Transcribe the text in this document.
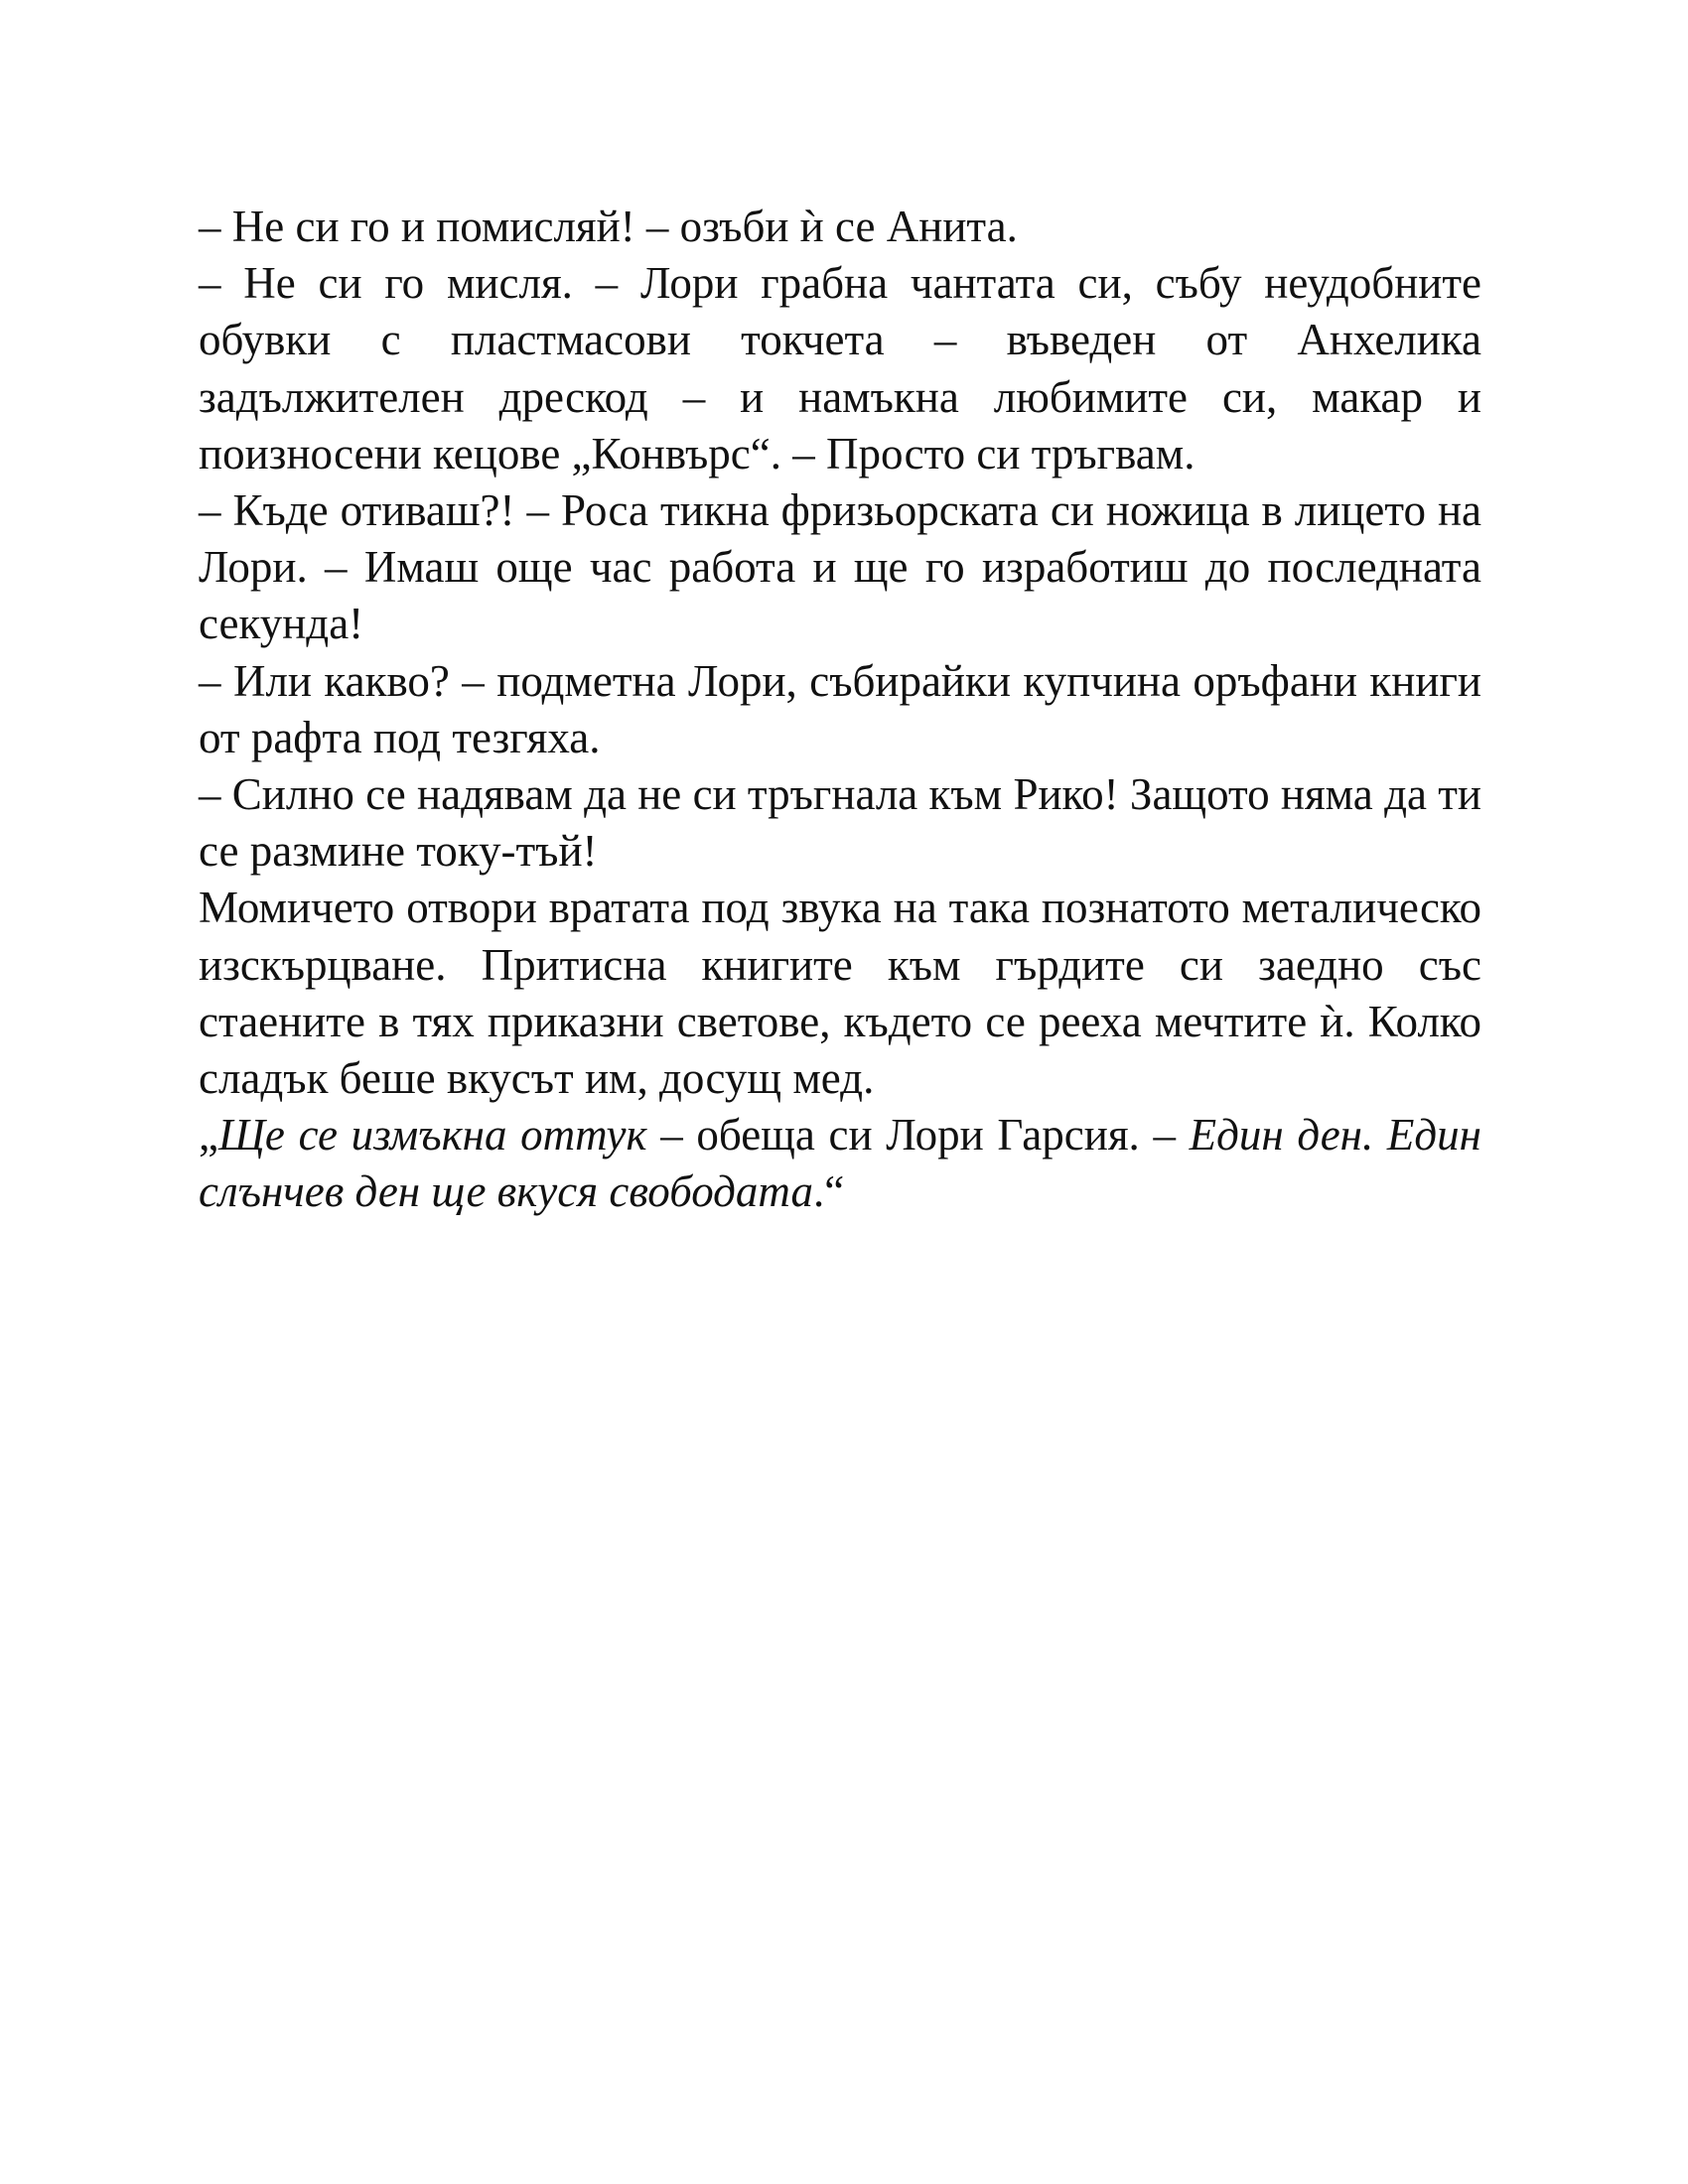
– Не си го и помисляй! – озъби ѝ се Анита.

– Не си го мисля. – Лори грабна чантата си, събу неудобните обувки с пластмасови токчета – въведен от Анхелика задължителен дрескод – и намъкна любимите си, макар и поизносени кецове „Конвърс“. – Просто си тръгвам.

– Къде отиваш?! – Роса тикна фризьорската си ножица в лицето на Лори. – Имаш още час работа и ще го изработиш до последната секунда!

– Или какво? – подметна Лори, събирайки купчина оръфани книги от рафта под тезгяха.

– Силно се надявам да не си тръгнала към Рико! Защото няма да ти се размине току-тъй!

Момичето отвори вратата под звука на така познатото металическо изскърцване. Притисна книгите към гърдите си заедно със стаените в тях приказни светове, където се рееха мечтите ѝ. Колко сладък беше вкусът им, досущ мед.

„Ще се измъкна оттук – обеща си Лори Гарсия. – Един ден. Един слънчев ден ще вкуся свободата.“
